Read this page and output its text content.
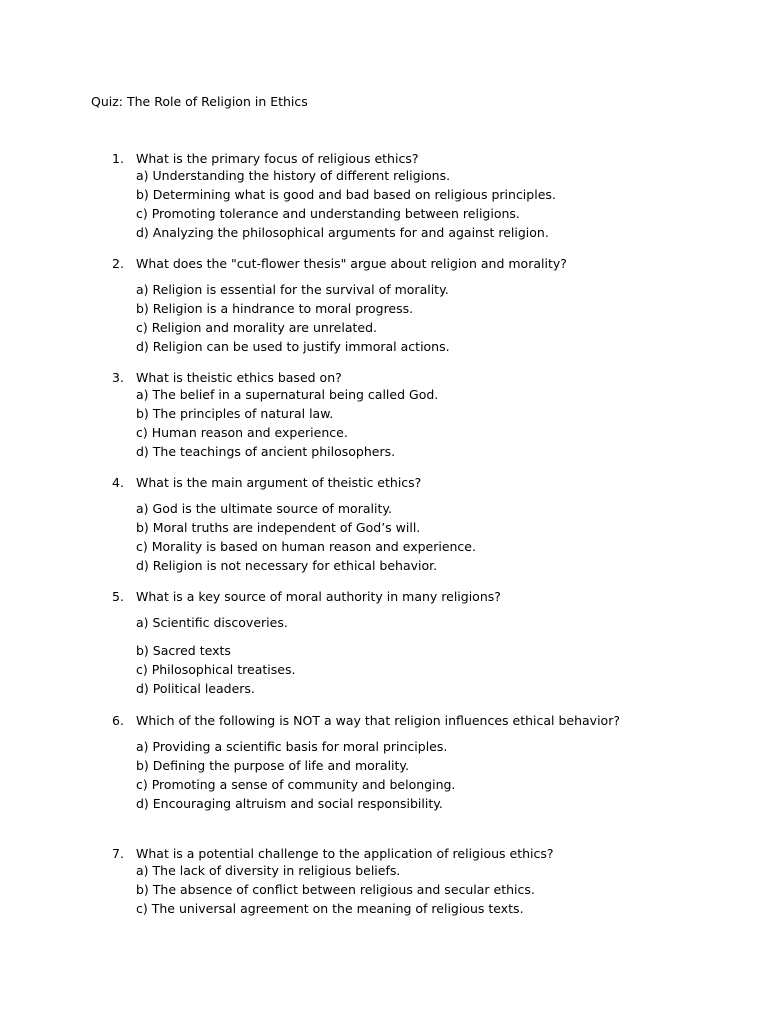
Quiz: The Role of Religion in Ethics
1. What is the primary focus of religious ethics?
a) Understanding the history of different religions.
b) Determining what is good and bad based on religious principles.
c) Promoting tolerance and understanding between religions.
d) Analyzing the philosophical arguments for and against religion.
2. What does the "cut-flower thesis" argue about religion and morality?
a) Religion is essential for the survival of morality.
b) Religion is a hindrance to moral progress.
c) Religion and morality are unrelated.
d) Religion can be used to justify immoral actions.
3. What is theistic ethics based on?
a) The belief in a supernatural being called God.
b) The principles of natural law.
c) Human reason and experience.
d) The teachings of ancient philosophers.
4. What is the main argument of theistic ethics?
a) God is the ultimate source of morality.
b) Moral truths are independent of God’s will.
c) Morality is based on human reason and experience.
d) Religion is not necessary for ethical behavior.
5. What is a key source of moral authority in many religions?
a) Scientific discoveries.
b) Sacred texts
c) Philosophical treatises.
d) Political leaders.
6. Which of the following is NOT a way that religion influences ethical behavior?
a) Providing a scientific basis for moral principles.
b) Defining the purpose of life and morality.
c) Promoting a sense of community and belonging.
d) Encouraging altruism and social responsibility.
7. What is a potential challenge to the application of religious ethics?
a) The lack of diversity in religious beliefs.
b) The absence of conflict between religious and secular ethics.
c) The universal agreement on the meaning of religious texts.
